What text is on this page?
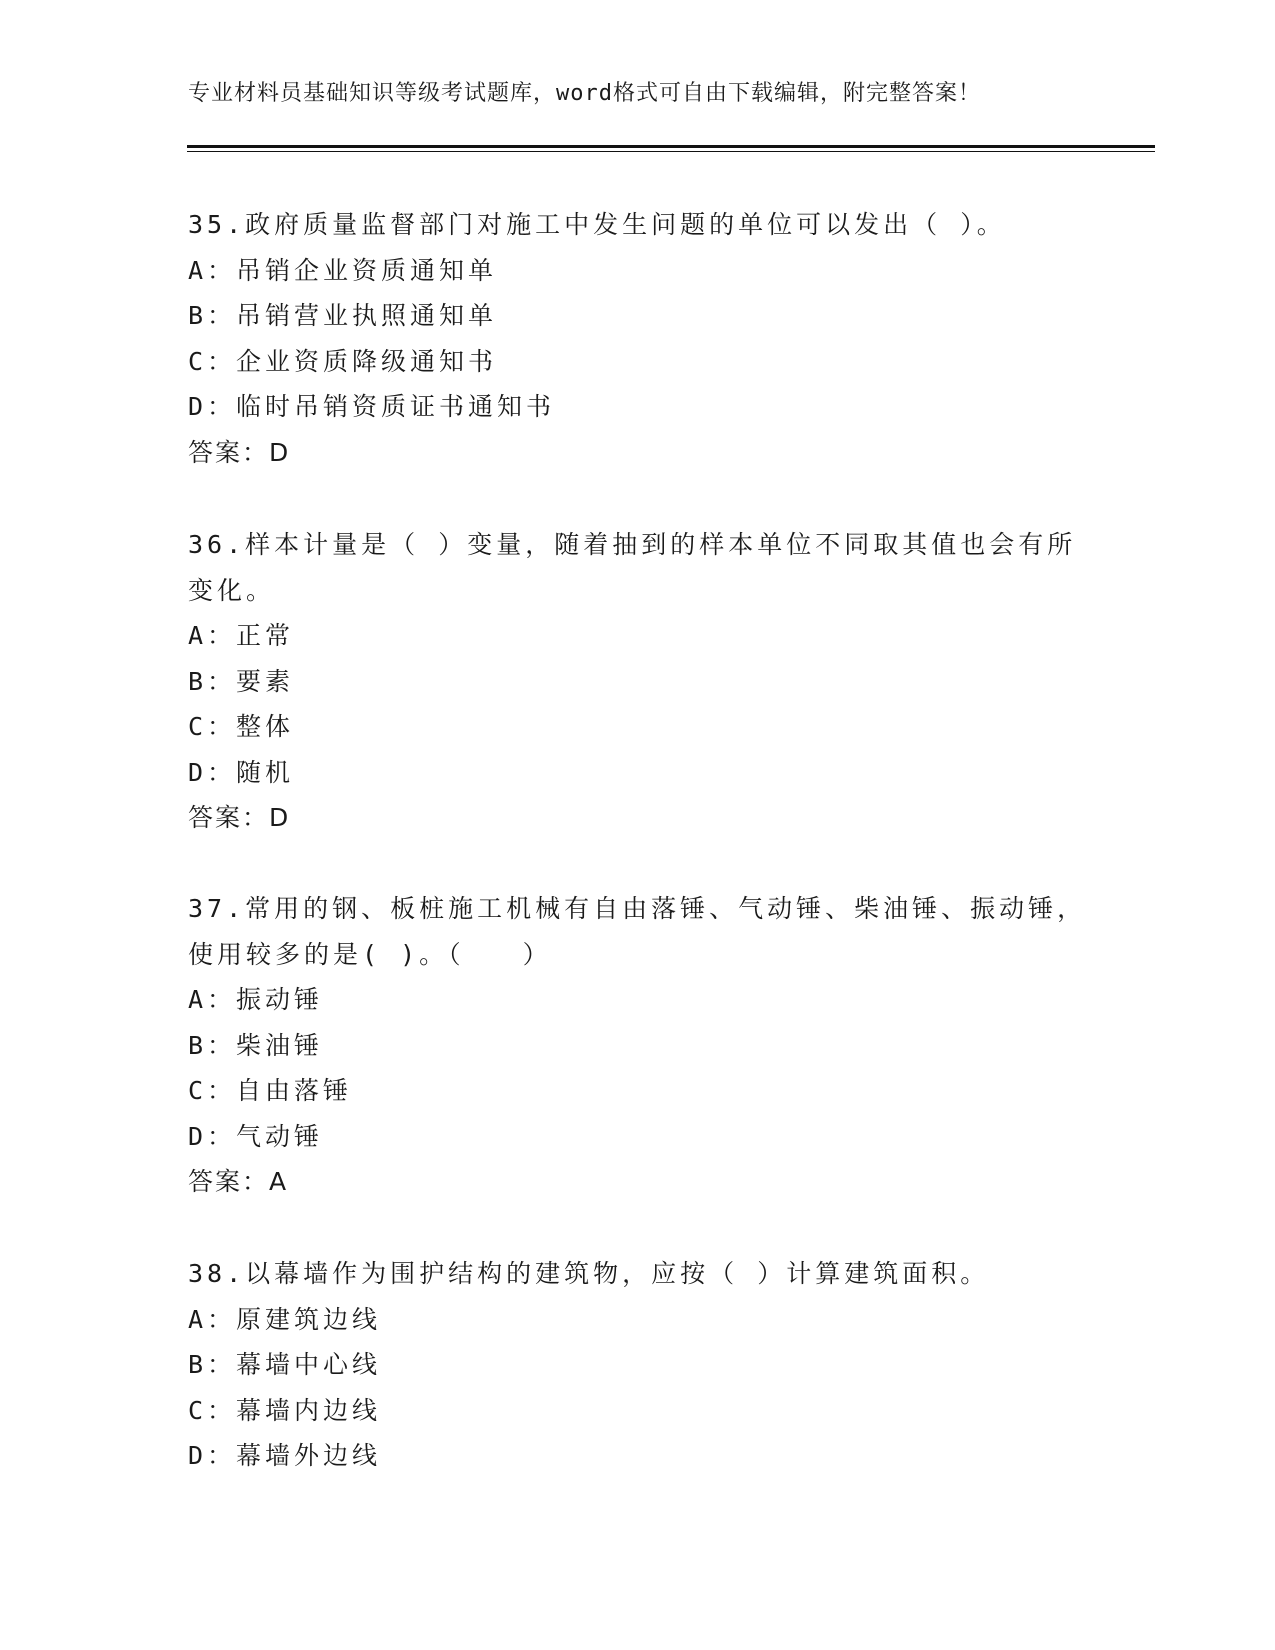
专业材料员基础知识等级考试题库，word格式可自由下载编辑，附完整答案！
35.政府质量监督部门对施工中发生问题的单位可以发出（ ）。
A：吊销企业资质通知单
B：吊销营业执照通知单
C：企业资质降级通知书
D：临时吊销资质证书通知书
答案：D
36.样本计量是（ ）变量，随着抽到的样本单位不同取其值也会有所变化。
A：正常
B：要素
C：整体
D：随机
答案：D
37.常用的钢、板桩施工机械有自由落锤、气动锤、柴油锤、振动锤，使用较多的是( )。（　　）
A：振动锤
B：柴油锤
C：自由落锤
D：气动锤
答案：A
38.以幕墙作为围护结构的建筑物，应按（ ）计算建筑面积。
A：原建筑边线
B：幕墙中心线
C：幕墙内边线
D：幕墙外边线
